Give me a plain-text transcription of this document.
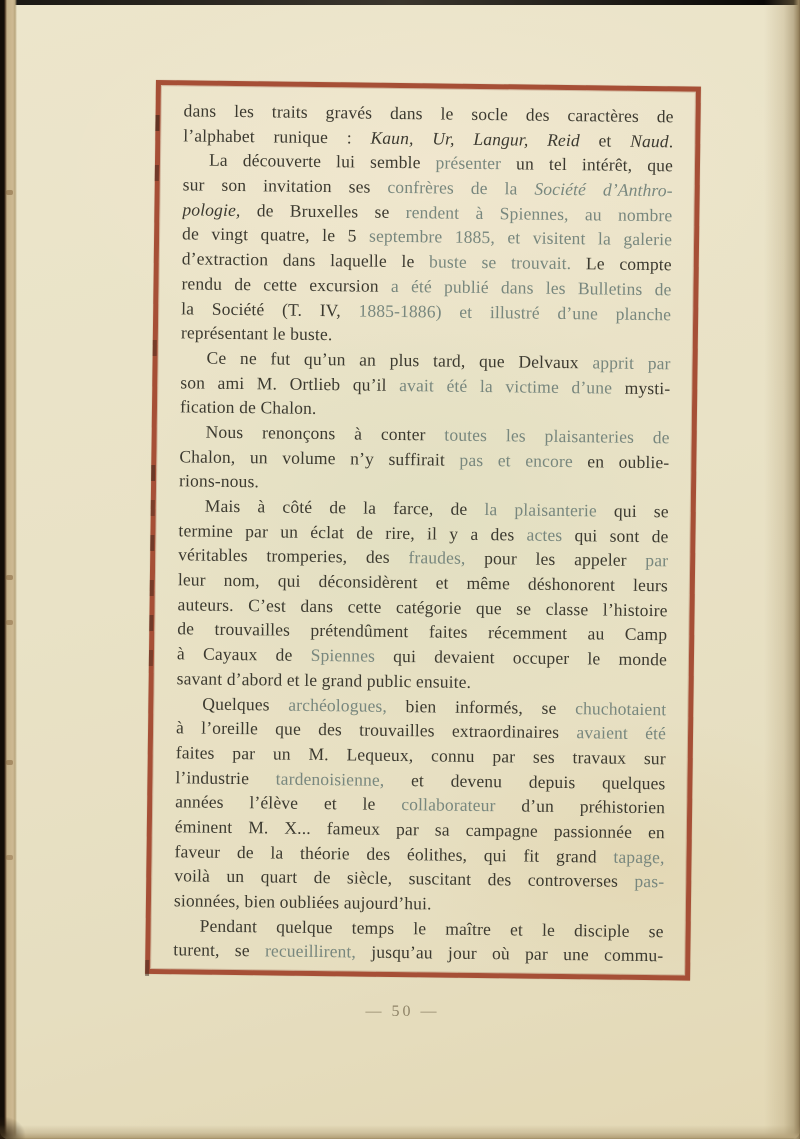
dans les traits gravés dans le socle des caractères de
l’alphabet runique : Kaun, Ur, Langur, Reid et Naud.
La découverte lui semble présenter un tel intérêt, que
sur son invitation ses confrères de la Société d’Anthro-
pologie, de Bruxelles se rendent à Spiennes, au nombre
de vingt quatre, le 5 septembre 1885, et visitent la galerie
d’extraction dans laquelle le buste se trouvait. Le compte
rendu de cette excursion a été publié dans les Bulletins de
la Société (T. IV, 1885-1886) et illustré d’une planche
représentant le buste.
Ce ne fut qu’un an plus tard, que Delvaux apprit par
son ami M. Ortlieb qu’il avait été la victime d’une mysti-
fication de Chalon.
Nous renonçons à conter toutes les plaisanteries de
Chalon, un volume n’y suffirait pas et encore en oublie-
rions-nous.
Mais à côté de la farce, de la plaisanterie qui se
termine par un éclat de rire, il y a des actes qui sont de
véritables tromperies, des fraudes, pour les appeler par
leur nom, qui déconsidèrent et même déshonorent leurs
auteurs. C’est dans cette catégorie que se classe l’histoire
de trouvailles prétendûment faites récemment au Camp
à Cayaux de Spiennes qui devaient occuper le monde
savant d’abord et le grand public ensuite.
Quelques archéologues, bien informés, se chuchotaient
à l’oreille que des trouvailles extraordinaires avaient été
faites par un M. Lequeux, connu par ses travaux sur
l’industrie tardenoisienne, et devenu depuis quelques
années l’élève et le collaborateur d’un préhistorien
éminent M. X... fameux par sa campagne passionnée en
faveur de la théorie des éolithes, qui fit grand tapage,
voilà un quart de siècle, suscitant des controverses pas-
sionnées, bien oubliées aujourd’hui.
Pendant quelque temps le maître et le disciple se
turent, se recueillirent, jusqu’au jour où par une commu-
— 50 —
